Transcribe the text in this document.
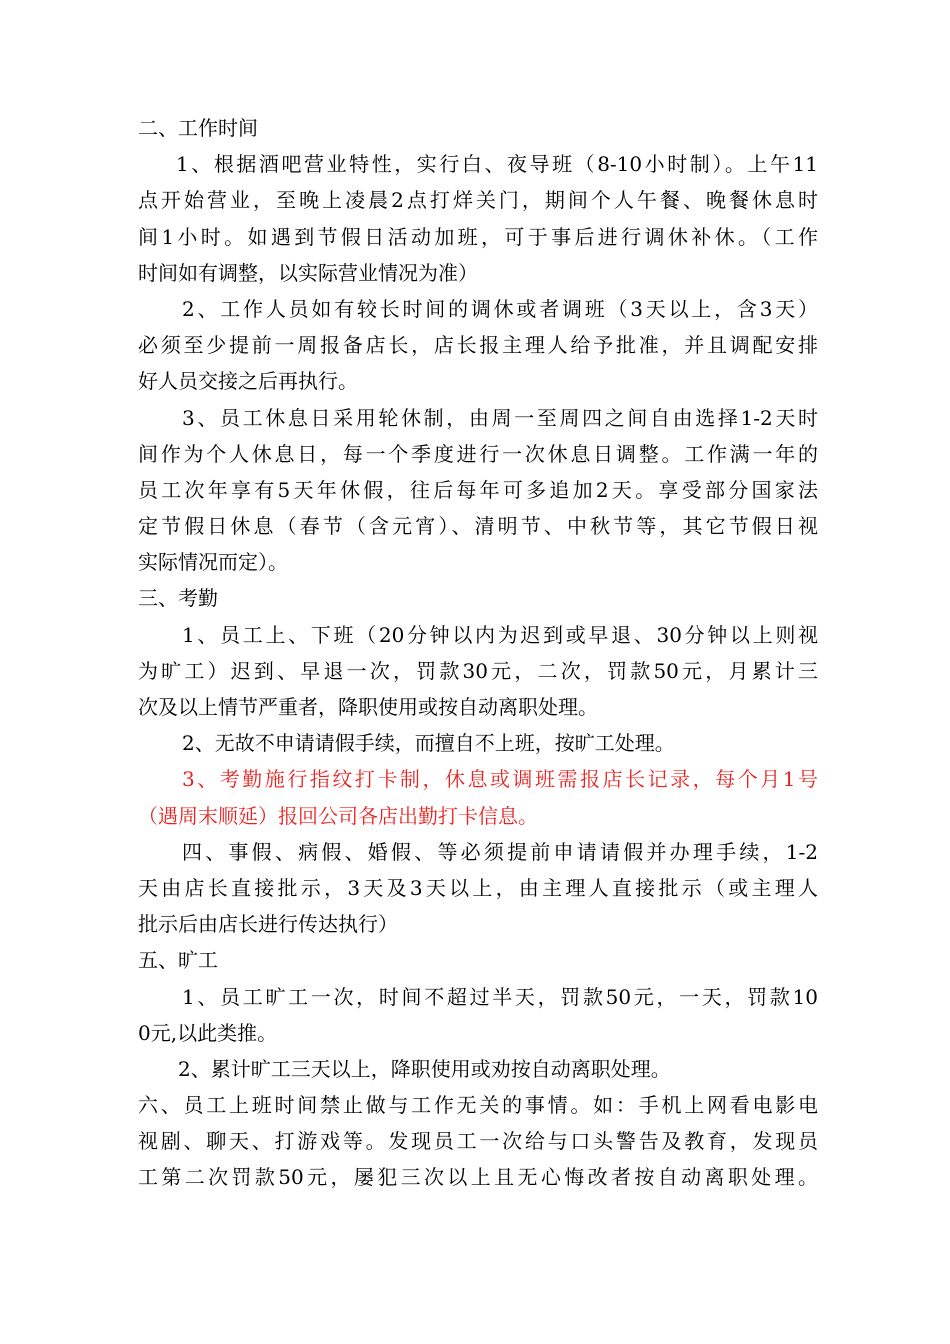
二、工作时间
1、根据酒吧营业特性，实行白、夜导班（8-10小时制）。上午11
点开始营业，至晚上凌晨2点打烊关门，期间个人午餐、晚餐休息时
间1小时。如遇到节假日活动加班，可于事后进行调休补休。（工作
时间如有调整，以实际营业情况为准）
2、工作人员如有较长时间的调休或者调班（3天以上，含3天）
必须至少提前一周报备店长，店长报主理人给予批准，并且调配安排
好人员交接之后再执行。
3、员工休息日采用轮休制，由周一至周四之间自由选择1-2天时
间作为个人休息日，每一个季度进行一次休息日调整。工作满一年的
员工次年享有5天年休假，往后每年可多追加2天。享受部分国家法
定节假日休息（春节（含元宵）、清明节、中秋节等，其它节假日视
实际情况而定）。
三、考勤
1、员工上、下班（20分钟以内为迟到或早退、30分钟以上则视
为旷工）迟到、早退一次，罚款30元，二次，罚款50元，月累计三
次及以上情节严重者，降职使用或按自动离职处理。
2、无故不申请请假手续，而擅自不上班，按旷工处理。
3、考勤施行指纹打卡制，休息或调班需报店长记录，每个月1号
（遇周末顺延）报回公司各店出勤打卡信息。
四、事假、病假、婚假、等必须提前申请请假并办理手续，1-2
天由店长直接批示，3天及3天以上，由主理人直接批示（或主理人
批示后由店长进行传达执行）
五、旷工
1、员工旷工一次，时间不超过半天，罚款50元，一天，罚款10
0元,以此类推。
2、累计旷工三天以上，降职使用或劝按自动离职处理。
六、员工上班时间禁止做与工作无关的事情。如：手机上网看电影电
视剧、聊天、打游戏等。发现员工一次给与口头警告及教育，发现员
工第二次罚款50元，屡犯三次以上且无心悔改者按自动离职处理。
